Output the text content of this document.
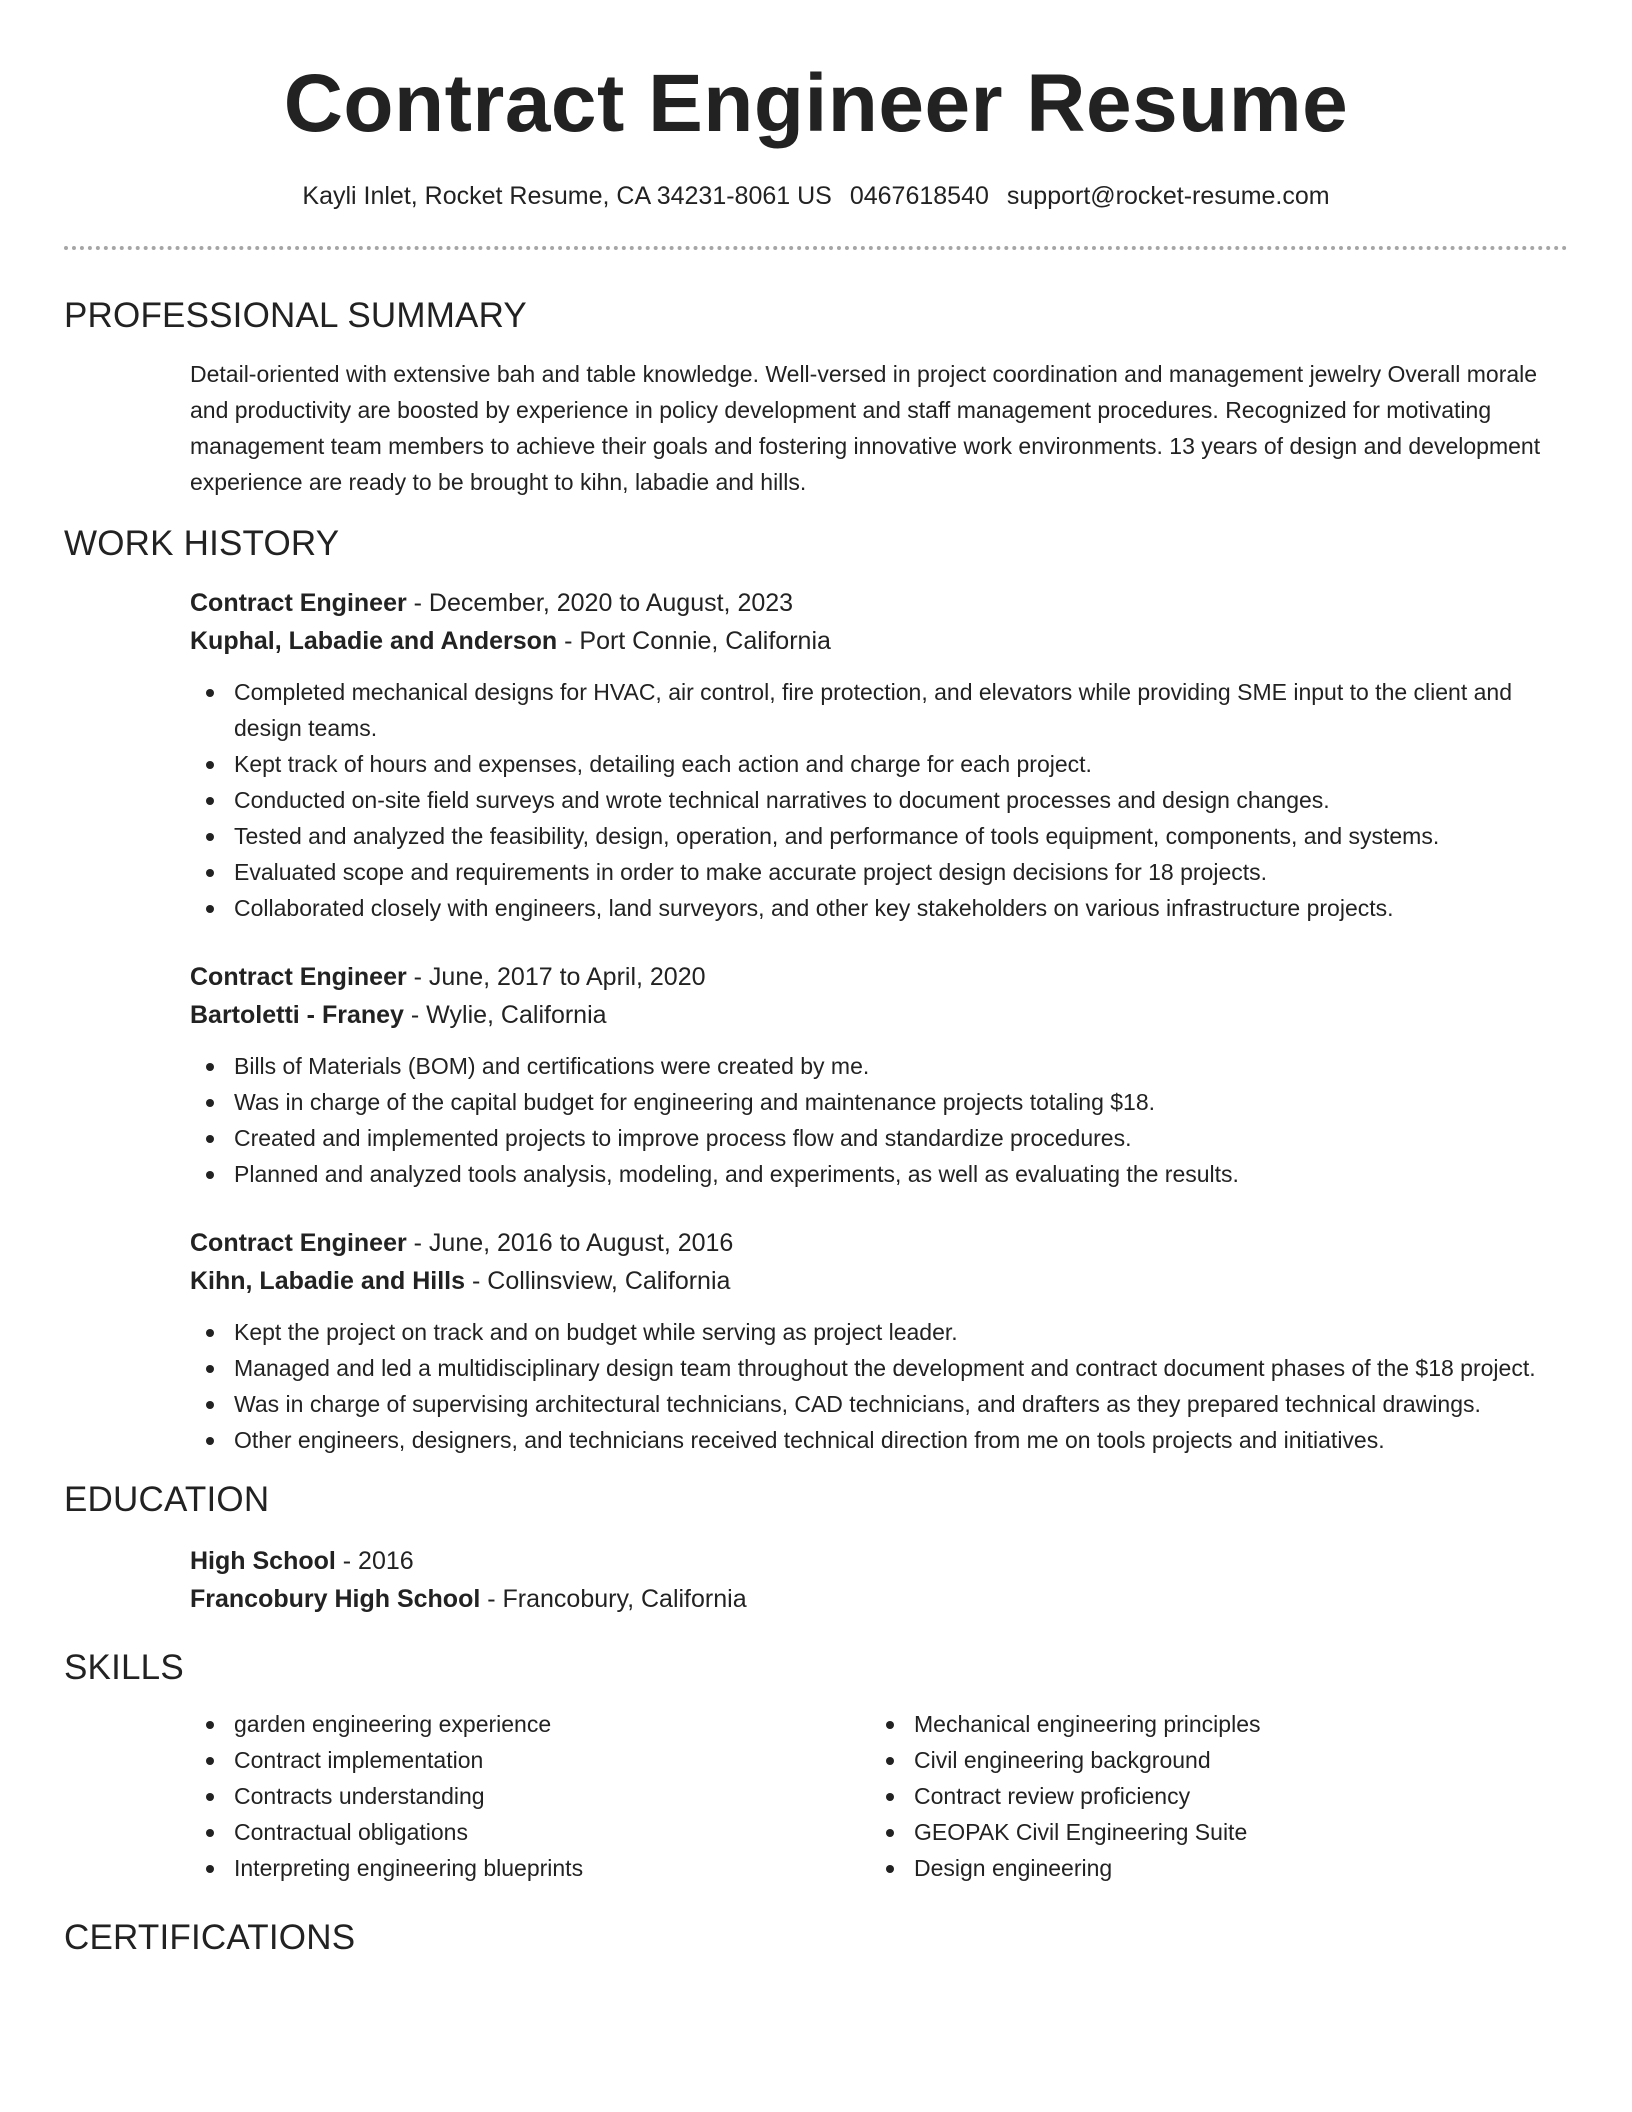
Contract Engineer Resume
Kayli Inlet, Rocket Resume, CA 34231-8061 US 0467618540 support@rocket-resume.com
PROFESSIONAL SUMMARY

Detail-oriented with extensive bah and table knowledge. Well-versed in project coordination and management jewelry Overall morale and productivity are boosted by experience in policy development and staff management procedures. Recognized for motivating management team members to achieve their goals and fostering innovative work environments. 13 years of design and development experience are ready to be brought to kihn, labadie and hills.

WORK HISTORY
Contract Engineer - December, 2020 to August, 2023
Kuphal, Labadie and Anderson - Port Connie, California
Completed mechanical designs for HVAC, air control, fire protection, and elevators while providing SME input to the client and design teams.
Kept track of hours and expenses, detailing each action and charge for each project.
Conducted on-site field surveys and wrote technical narratives to document processes and design changes.
Tested and analyzed the feasibility, design, operation, and performance of tools equipment, components, and systems.
Evaluated scope and requirements in order to make accurate project design decisions for 18 projects.
Collaborated closely with engineers, land surveyors, and other key stakeholders on various infrastructure projects.
Contract Engineer - June, 2017 to April, 2020
Bartoletti - Franey - Wylie, California
Bills of Materials (BOM) and certifications were created by me.
Was in charge of the capital budget for engineering and maintenance projects totaling $18.
Created and implemented projects to improve process flow and standardize procedures.
Planned and analyzed tools analysis, modeling, and experiments, as well as evaluating the results.
Contract Engineer - June, 2016 to August, 2016
Kihn, Labadie and Hills - Collinsview, California
Kept the project on track and on budget while serving as project leader.
Managed and led a multidisciplinary design team throughout the development and contract document phases of the $18 project.
Was in charge of supervising architectural technicians, CAD technicians, and drafters as they prepared technical drawings.
Other engineers, designers, and technicians received technical direction from me on tools projects and initiatives.
EDUCATION
High School - 2016
Francobury High School - Francobury, California
SKILLS
garden engineering experience
Contract implementation
Contracts understanding
Contractual obligations
Interpreting engineering blueprints
Mechanical engineering principles
Civil engineering background
Contract review proficiency
GEOPAK Civil Engineering Suite
Design engineering
CERTIFICATIONS
